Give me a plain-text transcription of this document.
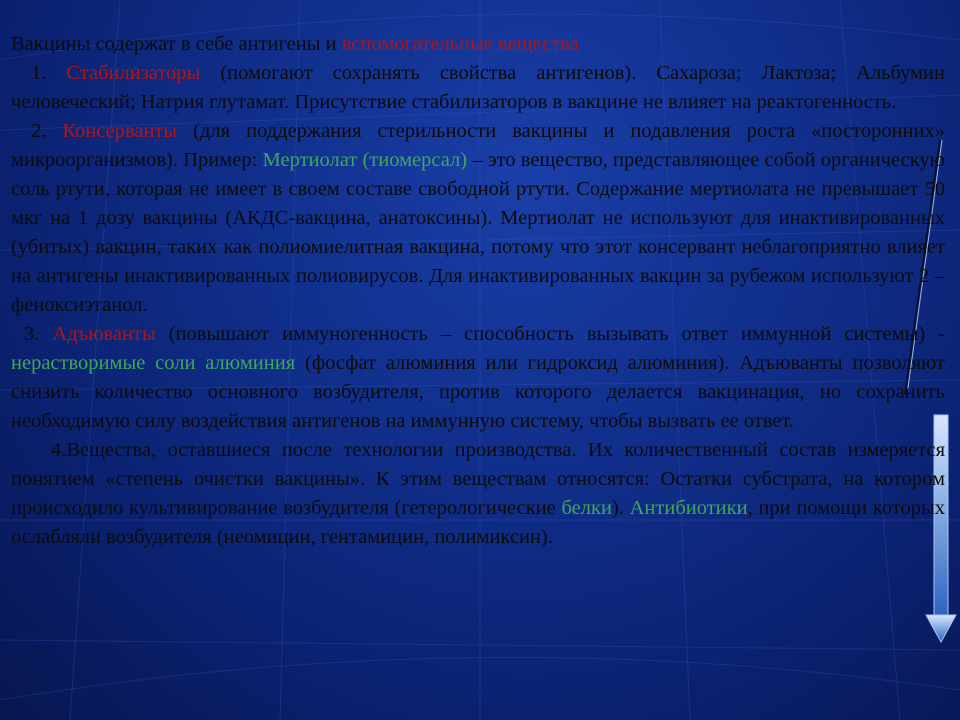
Вакцины содержат в себе антигены и вспомогательные вещества

1. Стабилизаторы (помогают сохранять свойства антигенов). Сахароза; Лактоза; Альбумин человеческий; Натрия глутамат. Присутствие стабилизаторов в вакцине не влияет на реактогенность.

2. Консерванты (для поддержания стерильности вакцины и подавления роста «посторонних» микроорганизмов). Пример: Мертиолат (тиомерсал) – это вещество, представляющее собой органическую соль ртути, которая не имеет в своем составе свободной ртути. Содержание мертиолата не превышает 50 мкг на 1 дозу вакцины (АКДС-вакцина, анатоксины). Мертиолат не используют для инактивированных (убитых) вакцин, таких как полиомиелитная вакцина, потому что этот консервант неблагоприятно влияет на антигены инактивированных полиовирусов. Для инактивированных вакцин за рубежом используют 2 – феноксиэтанол.

3. Адъюванты (повышают иммуногенность – способность вызывать ответ иммунной системы) - нерастворимые соли алюминия (фосфат алюминия или гидроксид алюминия). Адъюванты позволяют снизить количество основного возбудителя, против которого делается вакцинация, но сохранить необходимую силу воздействия антигенов на иммунную систему, чтобы вызвать ее ответ.

4.Вещества, оставшиеся после технологии производства. Их количественный состав измеряется понятием «степень очистки вакцины». К этим веществам относятся: Остатки субстрата, на котором происходило культивирование возбудителя (гетерологические белки). Антибиотики, при помощи которых ослабляли возбудителя (неомицин, гентамицин, полимиксин).
